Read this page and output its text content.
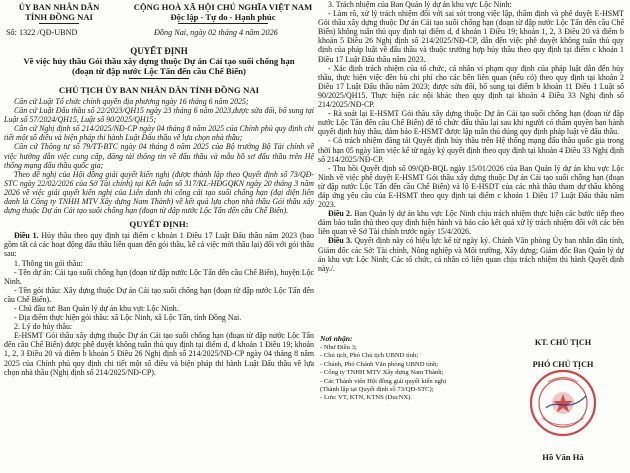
ỦY BAN NHÂN DÂN
TỈNH ĐỒNG NAI
CỘNG HOÀ XÃ HỘI CHỦ NGHĨA VIỆT NAM
Độc lập - Tự do - Hạnh phúc
Số: 1322 /QĐ-UBND	Đồng Nai, ngày 02 tháng 4 năm 2026
QUYẾT ĐỊNH
Về việc hủy thầu Gói thầu xây dựng thuộc Dự án Cải tạo suối chống hạn (đoạn từ đập nước Lộc Tấn đến cầu Chế Biến)
CHỦ TỊCH ỦY BAN NHÂN DÂN TỈNH ĐỒNG NAI

Căn cứ Luật Tổ chức chính quyền địa phương ngày 16 tháng 6 năm 2025;

Căn cứ Luật Đấu thầu số 22/2023/QH15 ngày 23 tháng 6 năm 2023,được sửa đổi, bổ sung tại Luật số 57/2024/QH15, Luật số 90/2025/QH15;

Căn cứ Nghị định số 214/2025/NĐ-CP ngày 04 tháng 8 năm 2025 của Chính phủ quy định chi tiết một số điều và biện pháp thi hành Luật Đấu thầu về lựa chọn nhà thầu;

Căn cứ Thông tư số 79/TT-BTC ngày 04 tháng 8 năm 2025 của Bộ trưởng Bộ Tài chính về việc hướng dẫn việc cung cấp, đăng tải thông tin về đấu thầu và mẫu hồ sơ đấu thầu trên Hệ thống mạng đấu thầu quốc gia;

Theo đề nghị của Hội đồng giải quyết kiến nghị (được thành lập theo Quyết định số 73/QĐ-STC ngày 22/02/2026 của Sở Tài chính) tại Kết luận số 317/KL-HĐGQKN ngày 20 tháng 3 năm 2026 về việc giải quyết kiến nghị của Liên danh thi công cải tạo suối chống hạn (đại diện liên danh là Công ty TNHH MTV Xây dựng Nam Thành) về kết quả lựa chọn nhà thầu Gói thầu xây dựng thuộc Dự án Cải tạo suối chống hạn (đoạn từ đập nước Lộc Tấn đến cầu Chế Biến).

QUYẾT ĐỊNH:

Điều 1. Hủy thầu theo quy định tại điểm c khoản 1 Điều 17 Luật Đấu thầu năm 2023 (bao gồm tất cả các hoạt động đấu thầu liên quan đến gói thầu, kể cả việc mời thầu lại) đối với gói thầu sau:

1. Thông tin gói thầu:

- Tên dự án: Cải tạo suối chống hạn (đoạn từ đập nước Lộc Tấn đến cầu Chế Biến), huyện Lộc Ninh.

- Tên gói thầu: Xây dựng thuộc Dự án Cải tạo suối chống hạn (đoạn từ đập nước Lộc Tấn đến cầu Chế Biến).

- Chủ đầu tư: Ban Quản lý dự án khu vực Lộc Ninh.

- Địa điểm thực hiện gói thầu: xã Lộc Ninh, xã Lộc Tấn, tỉnh Đồng Nai.

2. Lý do hủy thầu:

E-HSMT Gói thầu xây dựng thuộc Dự án Cải tạo suối chống hạn (đoạn từ đập nước Lộc Tấn đến cầu Chế Biến) được phê duyệt không tuân thủ quy định tại điểm d, đ khoản 1 Điều 19; khoản 1, 2, 3 Điều 20 và điểm b khoản 5 Điều 26 Nghị định số 214/2025/NĐ-CP ngày 04 tháng 8 năm 2025 của Chính phủ quy định chi tiết một số điều và biện pháp thi hành Luật Đấu thầu về lựa chọn nhà thầu (Nghị định số 214/2025/NĐ-CP).

3. Trách nhiệm của Ban Quản lý dự án khu vực Lộc Ninh:

- Làm rõ, xử lý trách nhiệm đối với sai sót trong việc lập, thẩm định và phê duyệt E-HSMT Gói thầu xây dựng thuộc Dự án Cải tạo suối chống hạn (đoạn từ đập nước Lộc Tấn đến cầu Chế Biến) không tuân thủ quy định tại điểm d, đ khoản 1 Điều 19; khoản 1, 2, 3 Điều 20 và điểm b khoản 5 Điều 26 Nghị định số 214/2025/NĐ-CP, dẫn đến việc phê duyệt không tuân thủ quy định của pháp luật về đấu thầu và thuộc trường hợp hủy thầu theo quy định tại điểm c khoản 1 Điều 17 Luật Đấu thầu năm 2023.

- Xác định trách nhiệm của tổ chức, cá nhân vi phạm quy định của pháp luật dẫn đến hủy thầu, thực hiện việc đền bù chi phí cho các bên liên quan (nếu có) theo quy định tại khoản 2 Điều 17 Luật Đấu thầu năm 2023; được sửa đổi, bổ sung tại điểm b khoản 11 Điều 1 Luật số 90/2025/QH15. Thực hiện các nội khác theo quy định tại khoản 4 Điều 33 Nghị định số 214/2025/NĐ-CP.

- Rà soát lại E-HSMT Gói thầu xây dựng thuộc Dự án Cải tạo suối chống hạn (đoạn từ đập nước Lộc Tấn đến cầu Chế Biến) để tổ chức đấu thầu lại sau khi người có thẩm quyền ban hành quyết định hủy thầu, đảm bảo E-HSMT được lập tuân thủ đúng quy định pháp luật về đấu thầu.

- Có trách nhiệm đăng tải Quyết định hủy thầu trên Hệ thống mạng đấu thầu quốc gia trong thời hạn 05 ngày làm việc kể từ ngày ký quyết định theo quy định tại khoản 4 Điều 33 Nghị định số 214/2025/NĐ-CP.

- Thu hồi Quyết định số 09/QĐ-BQL ngày 15/01/2026 của Ban Quản lý dự án khu vực Lộc Ninh về việc phê duyệt E-HSMT Gói thầu xây dựng thuộc Dự án Cải tạo suối chống hạn (đoạn từ đập nước Lộc Tấn đến cầu Chế Biến) và lộ E-HSDT của các nhà thầu tham dự thầu không đáp ứng yêu cầu của E-HSMT theo quy định tại điểm c khoản 1 Điều 17 Luật Đấu thầu năm 2023.

Điều 2. Ban Quản lý dự án khu vực Lộc Ninh chịu trách nhiệm thực hiện các bước tiếp theo đảm bảo tuân thủ theo quy định hiện hành và báo cáo kết quả xử lý trách nhiệm đối với các bên liên quan về Sở Tài chính trước ngày 15/4/2026.

Điều 3. Quyết định này có hiệu lực kể từ ngày ký. Chánh Văn phòng Ủy ban nhân dân tỉnh, Giám đốc các Sở: Tài chính, Nông nghiệp và Môi trường, Xây dựng; Giám đốc Ban Quản lý dự án khu vực Lộc Ninh; Các tổ chức, cá nhân có liên quan chịu trách nhiệm thi hành Quyết định này./.

Nơi nhận:
- Như Điều 3;
- Chủ tịch, Phó Chủ tịch UBND tỉnh;
- Chánh, Phó Chánh Văn phòng UBND tỉnh;
- Công ty TNHH MTV Xây dựng Nam Thành;
- Các Thành viên Hội đồng giải quyết kiến nghị
(Thành lập tại Quyết định số 73/QĐ-STC);
- Lưu: VT, KTN, KTNS (DucNX).
KT. CHỦ TỊCH
PHÓ CHỦ TỊCH
Hồ Văn Hà
